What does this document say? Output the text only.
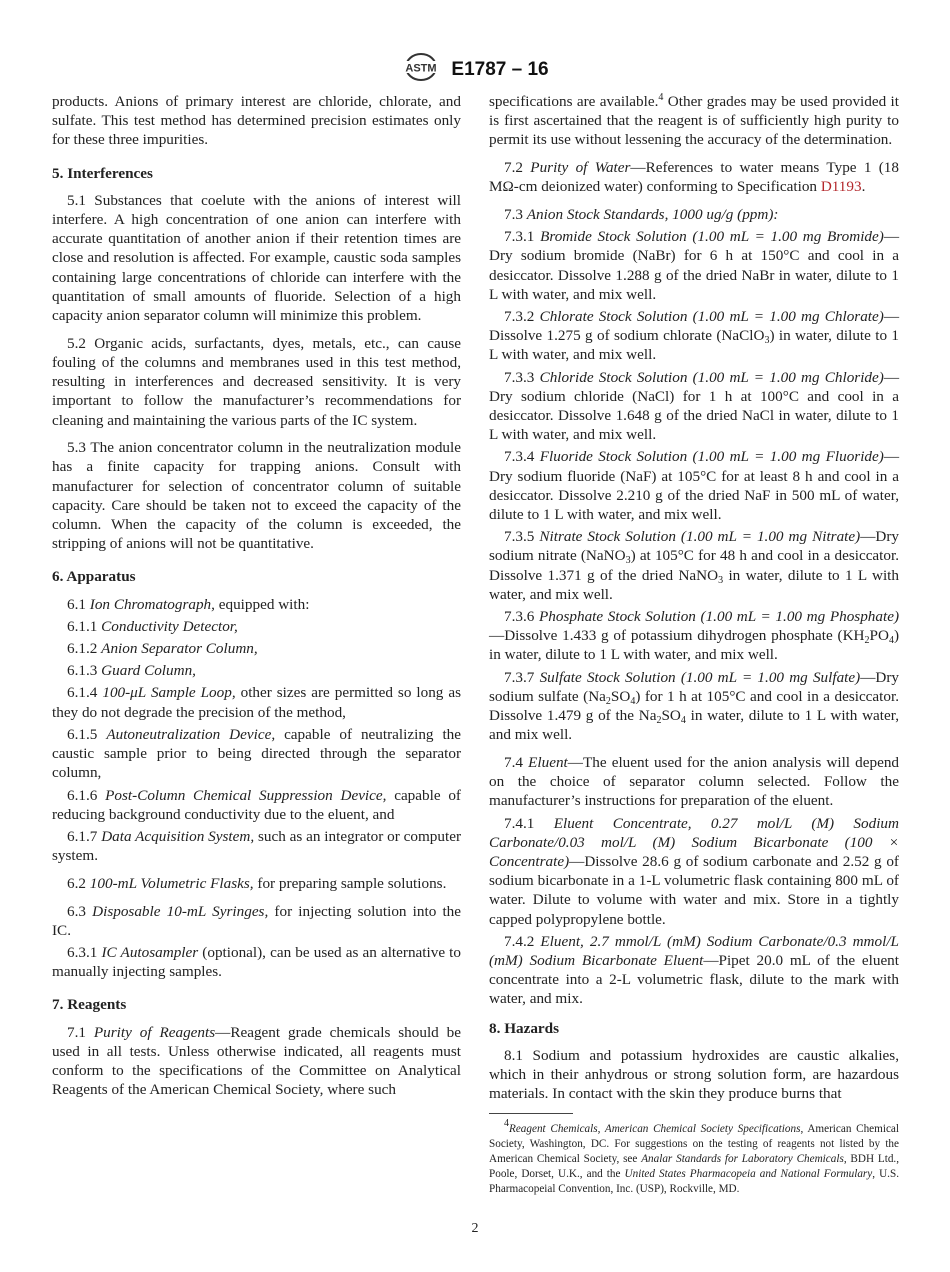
ASTM E1787 – 16

products. Anions of primary interest are chloride, chlorate, and sulfate. This test method has determined precision estimates only for these three impurities.

5. Interferences

5.1 Substances that coelute with the anions of interest will interfere. A high concentration of one anion can interfere with accurate quantitation of another anion if their retention times are close and resolution is affected. For example, caustic soda samples containing large concentrations of chloride can interfere with the quantitation of small amounts of fluoride. Selection of a high capacity anion separator column will minimize this problem.

5.2 Organic acids, surfactants, dyes, metals, etc., can cause fouling of the columns and membranes used in this test method, resulting in interferences and decreased sensitivity. It is very important to follow the manufacturer’s recommendations for cleaning and maintaining the various parts of the IC system.

5.3 The anion concentrator column in the neutralization module has a finite capacity for trapping anions. Consult with manufacturer for selection of concentrator column of suitable capacity. Care should be taken not to exceed the capacity of the column. When the capacity of the column is exceeded, the stripping of anions will not be quantitative.

6. Apparatus

6.1 Ion Chromatograph, equipped with:

6.1.1 Conductivity Detector,

6.1.2 Anion Separator Column,

6.1.3 Guard Column,

6.1.4 100-μL Sample Loop, other sizes are permitted so long as they do not degrade the precision of the method,

6.1.5 Autoneutralization Device, capable of neutralizing the caustic sample prior to being directed through the separator column,

6.1.6 Post-Column Chemical Suppression Device, capable of reducing background conductivity due to the eluent, and

6.1.7 Data Acquisition System, such as an integrator or computer system.

6.2 100-mL Volumetric Flasks, for preparing sample solutions.

6.3 Disposable 10-mL Syringes, for injecting solution into the IC.

6.3.1 IC Autosampler (optional), can be used as an alternative to manually injecting samples.

7. Reagents

7.1 Purity of Reagents—Reagent grade chemicals should be used in all tests. Unless otherwise indicated, all reagents must conform to the specifications of the Committee on Analytical Reagents of the American Chemical Society, where such

specifications are available.$^4$ Other grades may be used provided it is first ascertained that the reagent is of sufficiently high purity to permit its use without lessening the accuracy of the determination.

7.2 Purity of Water—References to water means Type 1 (18 MΩ-cm deionized water) conforming to Specification D1193.

7.3 Anion Stock Standards, 1000 ug/g (ppm):

7.3.1 Bromide Stock Solution (1.00 mL = 1.00 mg Bromide)—Dry sodium bromide (NaBr) for 6 h at 150°C and cool in a desiccator. Dissolve 1.288 g of the dried NaBr in water, dilute to 1 L with water, and mix well.

7.3.2 Chlorate Stock Solution (1.00 mL = 1.00 mg Chlorate)—Dissolve 1.275 g of sodium chlorate (NaClO$_3$) in water, dilute to 1 L with water, and mix well.

7.3.3 Chloride Stock Solution (1.00 mL = 1.00 mg Chloride)—Dry sodium chloride (NaCl) for 1 h at 100°C and cool in a desiccator. Dissolve 1.648 g of the dried NaCl in water, dilute to 1 L with water, and mix well.

7.3.4 Fluoride Stock Solution (1.00 mL = 1.00 mg Fluoride)—Dry sodium fluoride (NaF) at 105°C for at least 8 h and cool in a desiccator. Dissolve 2.210 g of the dried NaF in 500 mL of water, dilute to 1 L with water, and mix well.

7.3.5 Nitrate Stock Solution (1.00 mL = 1.00 mg Nitrate)—Dry sodium nitrate (NaNO$_3$) at 105°C for 48 h and cool in a desiccator. Dissolve 1.371 g of the dried NaNO$_3$ in water, dilute to 1 L with water, and mix well.

7.3.6 Phosphate Stock Solution (1.00 mL = 1.00 mg Phosphate)—Dissolve 1.433 g of potassium dihydrogen phosphate $(KH_2PO_4)$ in water, dilute to 1 L with water, and mix well.

7.3.7 Sulfate Stock Solution (1.00 mL = 1.00 mg Sulfate)—Dry sodium sulfate $(Na_2SO_4)$ for 1 h at 105°C and cool in a desiccator. Dissolve 1.479 g of the $Na_2SO_4$ in water, dilute to 1 L with water, and mix well.

7.4 Eluent—The eluent used for the anion analysis will depend on the choice of separator column selected. Follow the manufacturer’s instructions for preparation of the eluent.

7.4.1 Eluent Concentrate, 0.27 mol/L (M) Sodium Carbonate/0.03 mol/L (M) Sodium Bicarbonate (100 × Concentrate)—Dissolve 28.6 g of sodium carbonate and 2.52 g of sodium bicarbonate in a 1-L volumetric flask containing 800 mL of water. Dilute to volume with water and mix. Store in a tightly capped polypropylene bottle.

7.4.2 Eluent, 2.7 mmol/L (mM) Sodium Carbonate/0.3 mmol/L (mM) Sodium Bicarbonate Eluent—Pipet 20.0 mL of the eluent concentrate into a 2-L volumetric flask, dilute to the mark with water, and mix.

8. Hazards

8.1 Sodium and potassium hydroxides are caustic alkalies, which in their anhydrous or strong solution form, are hazardous materials. In contact with the skin they produce burns that

$^4$Reagent Chemicals, American Chemical Society Specifications, American Chemical Society, Washington, DC. For suggestions on the testing of reagents not listed by the American Chemical Society, see Analar Standards for Laboratory Chemicals, BDH Ltd., Poole, Dorset, U.K., and the United States Pharmacopeia and National Formulary, U.S. Pharmacopeial Convention, Inc. (USP), Rockville, MD.
2
